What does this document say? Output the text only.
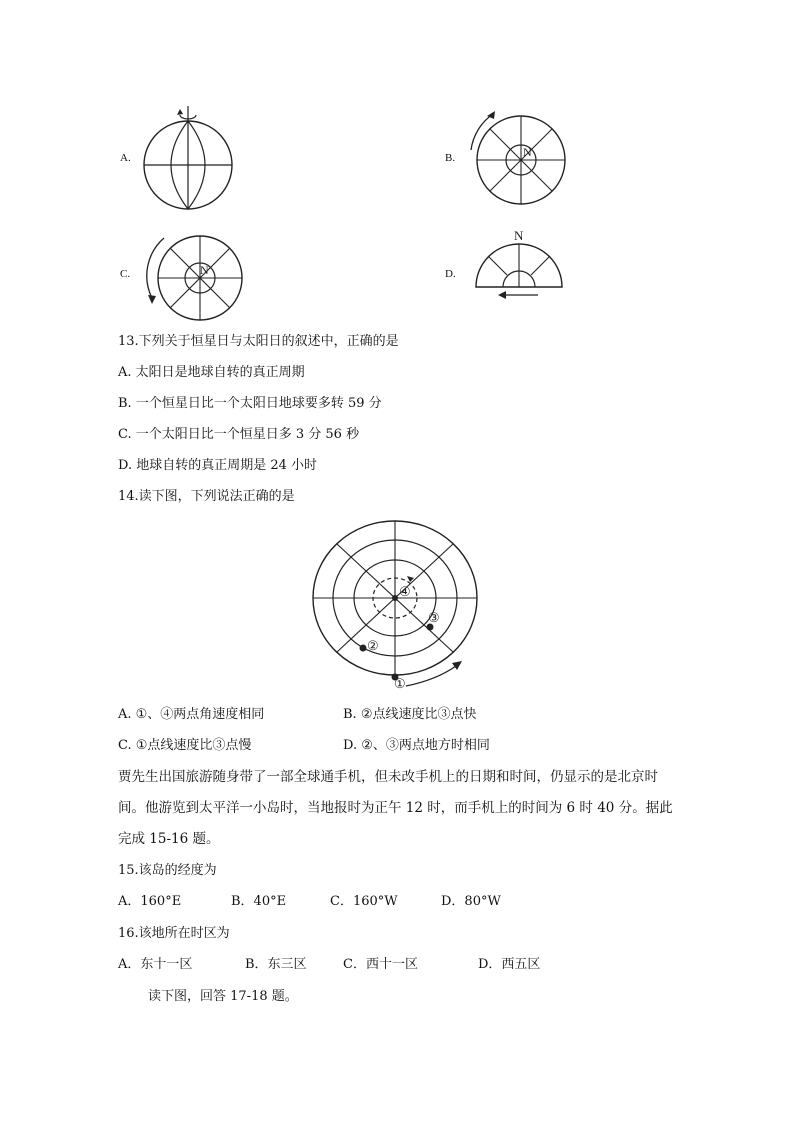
A.	B.	N
C.	N	D.
N
13.下列关于恒星日与太阳日的叙述中，正确的是
A. 太阳日是地球自转的真正周期
B. 一个恒星日比一个太阳日地球要多转 59 分
C. 一个太阳日比一个恒星日多 3 分 56 秒
D. 地球自转的真正周期是 24 小时
14.读下图，下列说法正确的是
④
③
②
①
A. ①、④两点角速度相同	B. ②点线速度比③点快
C. ①点线速度比③点慢	D. ②、③两点地方时相同
贾先生出国旅游随身带了一部全球通手机，但未改手机上的日期和时间，仍显示的是北京时
间。他游览到太平洋一小岛时，当地报时为正午 12 时，而手机上的时间为 6 时 40 分。据此
完成 15-16 题。
15.该岛的经度为
A．160°E	B．40°E	C．160°W	D．80°W
16.该地所在时区为
A．东十一区	B．东三区	C．西十一区	D．西五区
读下图，回答 17-18 题。
